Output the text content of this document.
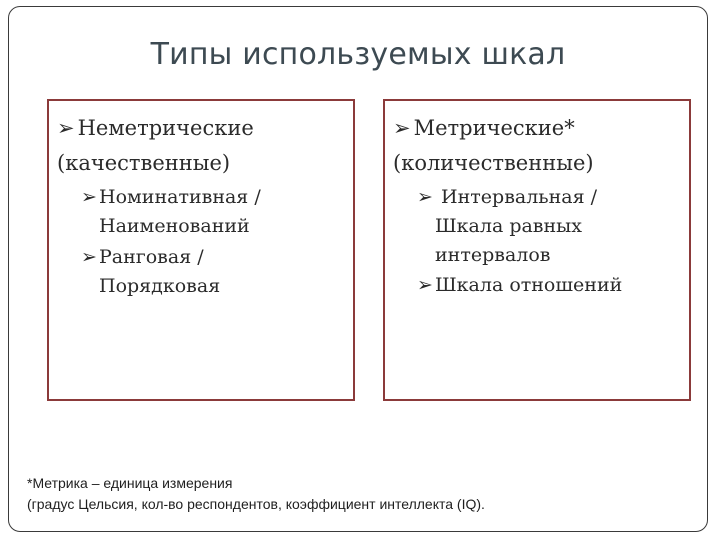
Типы используемых шкал
➢ Неметрические
(качественные)
➢ Номинативная / Наименований
➢ Ранговая / Порядковая
➢ Метрические*
(количественные)
➢ Интервальная / Шкала равных интервалов
➢ Шкала отношений
*Метрика – единица измерения
(градус Цельсия, кол-во респондентов, коэффициент интеллекта (IQ).
